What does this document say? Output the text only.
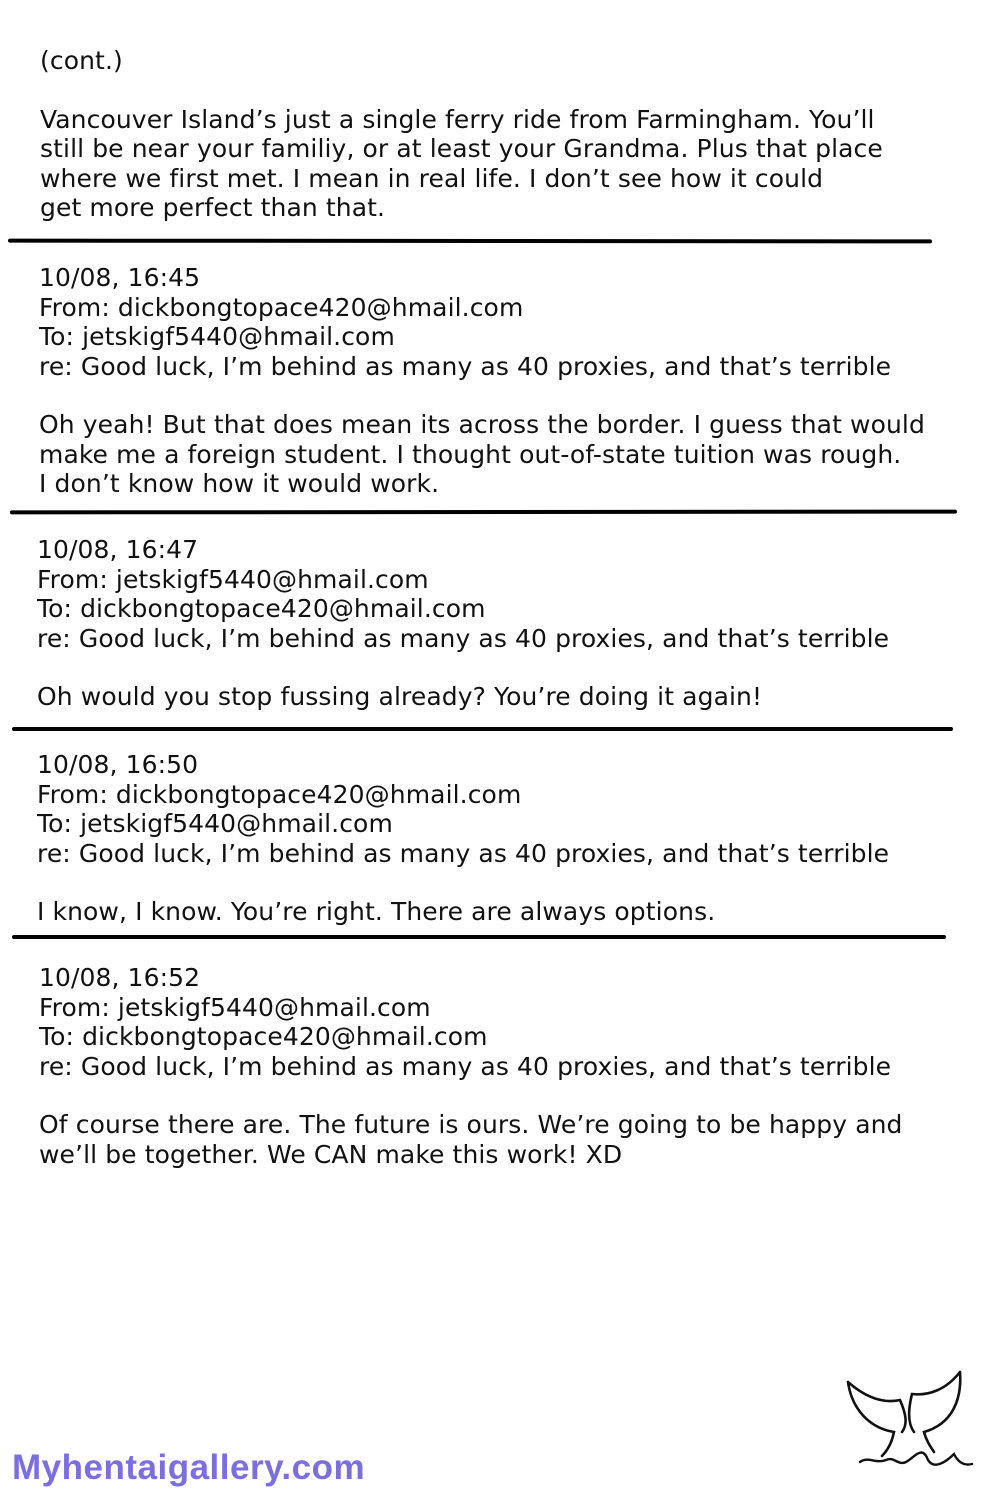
(cont.)
Vancouver Island’s just a single ferry ride from Farmingham. You’ll
still be near your familiy, or at least your Grandma. Plus that place
where we first met. I mean in real life. I don’t see how it could
get more perfect than that.
10/08, 16:45
From: dickbongtopace420@hmail.com
To: jetskigf5440@hmail.com
re: Good luck, I’m behind as many as 40 proxies, and that’s terrible
Oh yeah! But that does mean its across the border. I guess that would
make me a foreign student. I thought out-of-state tuition was rough.
I don’t know how it would work.
10/08, 16:47
From: jetskigf5440@hmail.com
To: dickbongtopace420@hmail.com
re: Good luck, I’m behind as many as 40 proxies, and that’s terrible
Oh would you stop fussing already? You’re doing it again!
10/08, 16:50
From: dickbongtopace420@hmail.com
To: jetskigf5440@hmail.com
re: Good luck, I’m behind as many as 40 proxies, and that’s terrible
I know, I know. You’re right. There are always options.
10/08, 16:52
From: jetskigf5440@hmail.com
To: dickbongtopace420@hmail.com
re: Good luck, I’m behind as many as 40 proxies, and that’s terrible
Of course there are. The future is ours. We’re going to be happy and
we’ll be together. We CAN make this work! XD
Myhentaigallery.com
